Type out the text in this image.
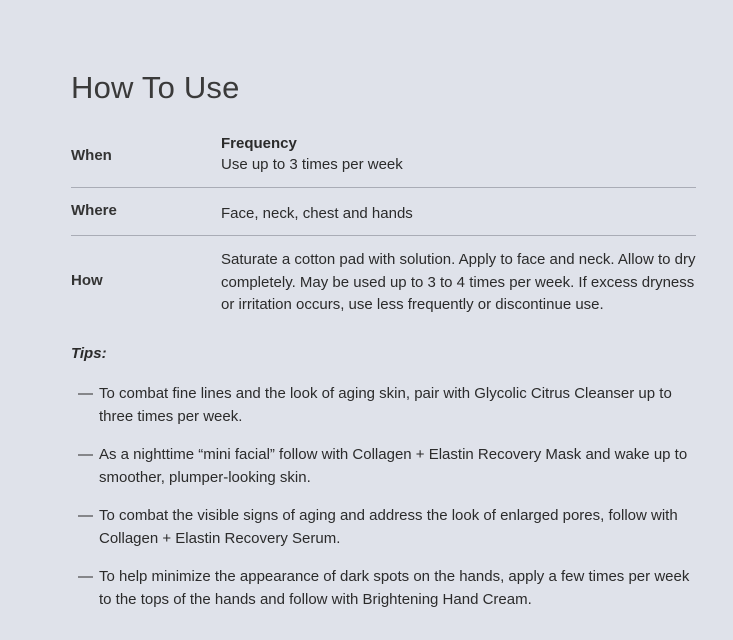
How To Use
When
Frequency
Use up to 3 times per week
Where	Face, neck, chest and hands
How
Saturate a cotton pad with solution. Apply to face and neck. Allow to dry completely. May be used up to 3 to 4 times per week. If excess dryness or irritation occurs, use less frequently or discontinue use.
Tips:
— To combat fine lines and the look of aging skin, pair with Glycolic Citrus Cleanser up to three times per week.
— As a nighttime “mini facial” follow with Collagen + Elastin Recovery Mask and wake up to smoother, plumper-looking skin.
— To combat the visible signs of aging and address the look of enlarged pores, follow with Collagen + Elastin Recovery Serum.
— To help minimize the appearance of dark spots on the hands, apply a few times per week to the tops of the hands and follow with Brightening Hand Cream.
